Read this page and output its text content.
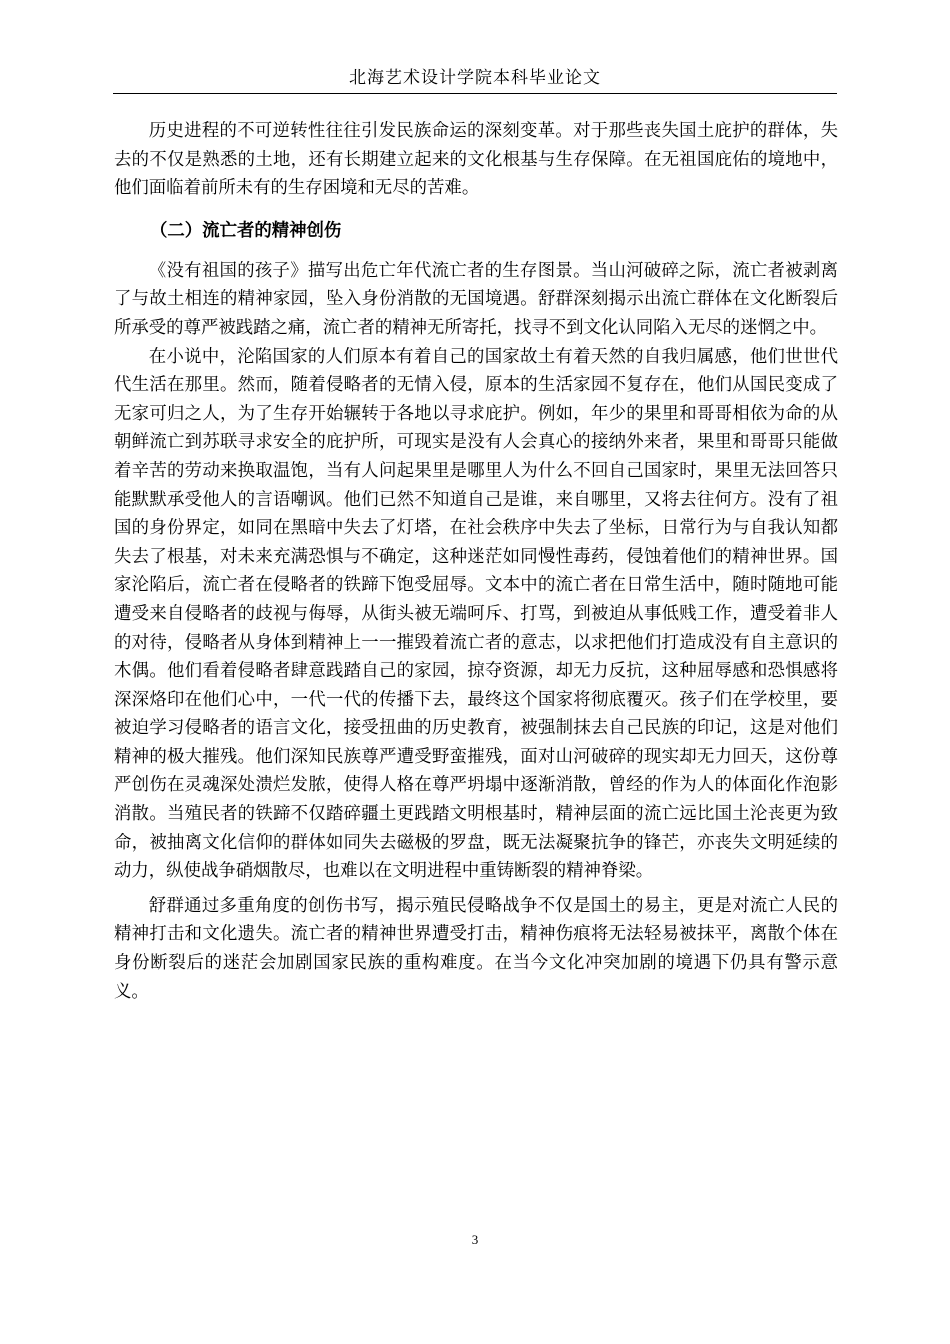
北海艺术设计学院本科毕业论文

历史进程的不可逆转性往往引发民族命运的深刻变革。对于那些丧失国土庇护的群体，失去的不仅是熟悉的土地，还有长期建立起来的文化根基与生存保障。在无祖国庇佑的境地中，他们面临着前所未有的生存困境和无尽的苦难。

（二）流亡者的精神创伤

《没有祖国的孩子》描写出危亡年代流亡者的生存图景。当山河破碎之际，流亡者被剥离了与故土相连的精神家园，坠入身份消散的无国境遇。舒群深刻揭示出流亡群体在文化断裂后所承受的尊严被践踏之痛，流亡者的精神无所寄托，找寻不到文化认同陷入无尽的迷惘之中。

在小说中，沦陷国家的人们原本有着自己的国家故土有着天然的自我归属感，他们世世代代生活在那里。然而，随着侵略者的无情入侵，原本的生活家园不复存在，他们从国民变成了无家可归之人，为了生存开始辗转于各地以寻求庇护。例如，年少的果里和哥哥相依为命的从朝鲜流亡到苏联寻求安全的庇护所，可现实是没有人会真心的接纳外来者，果里和哥哥只能做着辛苦的劳动来换取温饱，当有人问起果里是哪里人为什么不回自己国家时，果里无法回答只能默默承受他人的言语嘲讽。他们已然不知道自己是谁，来自哪里，又将去往何方。没有了祖国的身份界定，如同在黑暗中失去了灯塔，在社会秩序中失去了坐标，日常行为与自我认知都失去了根基，对未来充满恐惧与不确定，这种迷茫如同慢性毒药，侵蚀着他们的精神世界。国家沦陷后，流亡者在侵略者的铁蹄下饱受屈辱。文本中的流亡者在日常生活中，随时随地可能遭受来自侵略者的歧视与侮辱，从街头被无端呵斥、打骂，到被迫从事低贱工作，遭受着非人的对待，侵略者从身体到精神上一一摧毁着流亡者的意志，以求把他们打造成没有自主意识的木偶。他们看着侵略者肆意践踏自己的家园，掠夺资源，却无力反抗，这种屈辱感和恐惧感将深深烙印在他们心中，一代一代的传播下去，最终这个国家将彻底覆灭。孩子们在学校里，要被迫学习侵略者的语言文化，接受扭曲的历史教育，被强制抹去自己民族的印记，这是对他们精神的极大摧残。他们深知民族尊严遭受野蛮摧残，面对山河破碎的现实却无力回天，这份尊严创伤在灵魂深处溃烂发脓，使得人格在尊严坍塌中逐渐消散，曾经的作为人的体面化作泡影消散。当殖民者的铁蹄不仅踏碎疆土更践踏文明根基时，精神层面的流亡远比国土沦丧更为致命，被抽离文化信仰的群体如同失去磁极的罗盘，既无法凝聚抗争的锋芒，亦丧失文明延续的动力，纵使战争硝烟散尽，也难以在文明进程中重铸断裂的精神脊梁。

舒群通过多重角度的创伤书写，揭示殖民侵略战争不仅是国土的易主，更是对流亡人民的精神打击和文化遗失。流亡者的精神世界遭受打击，精神伤痕将无法轻易被抹平，离散个体在身份断裂后的迷茫会加剧国家民族的重构难度。在当今文化冲突加剧的境遇下仍具有警示意义。

3
